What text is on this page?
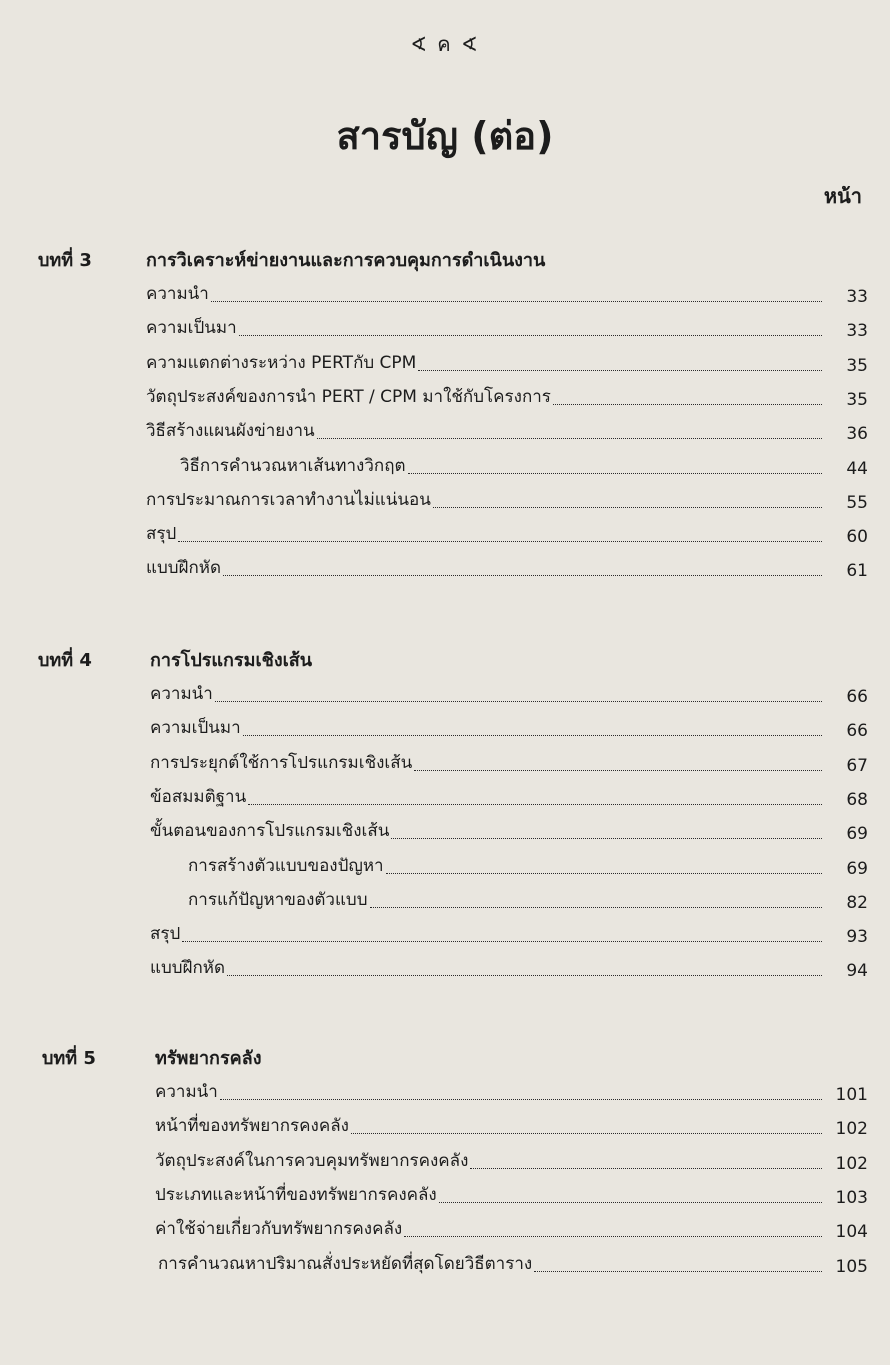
∢ ค ∢
สารบัญ (ต่อ)
หน้า
บทที่ 3	การวิเคราะห์ข่ายงานและการควบคุมการดำเนินงาน
ความนำ	33
ความเป็นมา	33
ความแตกต่างระหว่าง PERTกับ CPM	35
วัตถุประสงค์ของการนำ PERT / CPM มาใช้กับโครงการ	35
วิธีสร้างแผนผังข่ายงาน	36
วิธีการคำนวณหาเส้นทางวิกฤต	44
การประมาณการเวลาทำงานไม่แน่นอน	55
สรุป	60
แบบฝึกหัด	61
บทที่ 4	การโปรแกรมเชิงเส้น
ความนำ	66
ความเป็นมา	66
การประยุกต์ใช้การโปรแกรมเชิงเส้น	67
ข้อสมมติฐาน	68
ขั้นตอนของการโปรแกรมเชิงเส้น	69
การสร้างตัวแบบของปัญหา	69
การแก้ปัญหาของตัวแบบ	82
สรุป	93
แบบฝึกหัด	94
บทที่ 5	ทรัพยากรคลัง
ความนำ	101
หน้าที่ของทรัพยากรคงคลัง	102
วัตถุประสงค์ในการควบคุมทรัพยากรคงคลัง	102
ประเภทและหน้าที่ของทรัพยากรคงคลัง	103
ค่าใช้จ่ายเกี่ยวกับทรัพยากรคงคลัง	104
การคำนวณหาปริมาณสั่งประหยัดที่สุดโดยวิธีตาราง	105
